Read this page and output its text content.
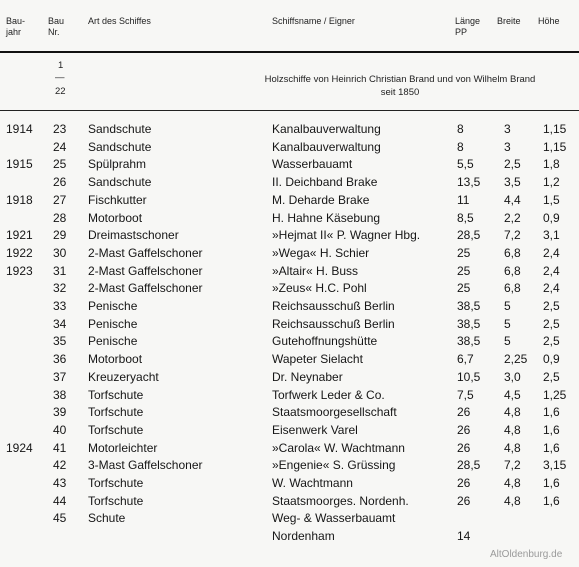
Bau-
jahr
Bau
Nr.
Art des Schiffes	Schiffsname / Eigner	Länge
PP
Breite Höhe
1
—
22
Holzschiffe von Heinrich Christian Brand und von Wilhelm Brand
seit 1850
1914 23 Sandschute	Kanalbauverwaltung	8	3	1,15
24 Sandschute	Kanalbauverwaltung	8	3	1,15
1915 25 Spülprahm	Wasserbauamt	5,5	2,5 1,8
26 Sandschute	II. Deichband Brake	13,5 3,5 1,2
1918 27 Fischkutter	M. Deharde Brake	11	4,4 1,5
28 Motorboot	H. Hahne Käsebung	8,5	2,2 0,9
1921 29 Dreimastschoner	»Hejmat II« P. Wagner Hbg.	28,5 7,2 3,1
1922 30 2-Mast Gaffelschoner	»Wega« H. Schier	25	6,8 2,4
1923 31 2-Mast Gaffelschoner	»Altair« H. Buss	25	6,8 2,4
32 2-Mast Gaffelschoner	»Zeus« H.C. Pohl	25	6,8 2,4
33 Penische	Reichsausschuß Berlin	38,5 5	2,5
34 Penische	Reichsausschuß Berlin	38,5 5	2,5
35 Penische	Gutehoffnungshütte	38,5 5	2,5
36 Motorboot	Wapeter Sielacht	6,7	2,25 0,9
37 Kreuzeryacht	Dr. Neynaber	10,5 3,0 2,5
38 Torfschute	Torfwerk Leder & Co.	7,5	4,5 1,25
39 Torfschute	Staatsmoorgesellschaft	26	4,8 1,6
40 Torfschute	Eisenwerk Varel	26	4,8 1,6
1924 41 Motorleichter	»Carola« W. Wachtmann	26	4,8 1,6
42 3-Mast Gaffelschoner	»Engenie« S. Grüssing	28,5 7,2 3,15
43 Torfschute	W. Wachtmann	26	4,8 1,6
44 Torfschute	Staatsmoorges. Nordenh.	26	4,8 1,6
45 Schute	Weg- & Wasserbauamt
Nordenham	14
AltOldenburg.de
